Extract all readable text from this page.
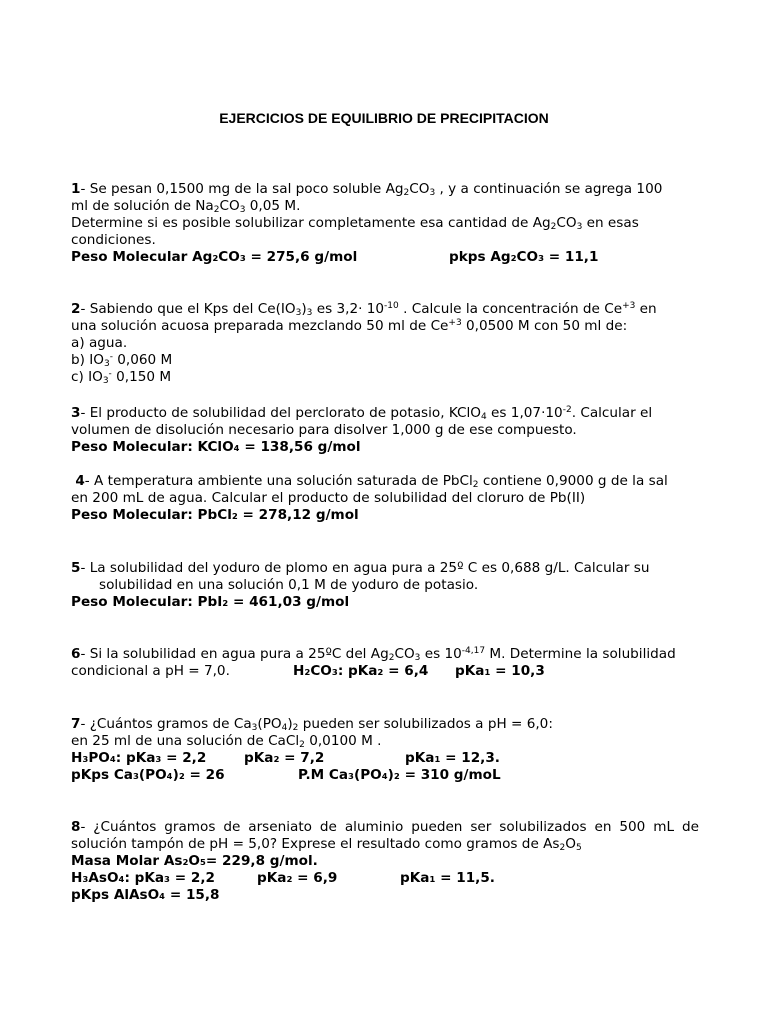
EJERCICIOS DE EQUILIBRIO DE PRECIPITACION
1- Se pesan 0,1500 mg de la sal poco soluble $Ag_2CO_3$ , y a continuación se agrega 100
ml de solución de $Na_2CO_3$ 0,05 M.
Determine si es posible solubilizar completamente esa cantidad de $Ag_2CO_3$ en esas
condiciones.
Peso Molecular Ag₂CO₃ = 275,6 g/mol	pkps Ag₂CO₃ = 11,1
2- Sabiendo que el Kps del $Ce(IO_3)_3$ es $3,2\cdot 10^{-10}$ . Calcule la concentración de $Ce^{+3}$ en
una solución acuosa preparada mezclando 50 ml de $Ce^{+3}$ 0,0500 M con 50 ml de:
a) agua.
b) $IO_3^-$ 0,060 M
c) $IO_3^-$ 0,150 M
3- El producto de solubilidad del perclorato de potasio, KClO$_4$ es $1,07\cdot 10^{-2}$. Calcular el
volumen de disolución necesario para disolver 1,000 g de ese compuesto.
Peso Molecular: KClO₄ = 138,56 g/mol
4- A temperatura ambiente una solución saturada de PbCl$_2$ contiene 0,9000 g de la sal
en 200 mL de agua. Calcular el producto de solubilidad del cloruro de Pb(II)
Peso Molecular: PbCl₂ = 278,12 g/mol
5- La solubilidad del yoduro de plomo en agua pura a 25º C es 0,688 g/L. Calcular su
solubilidad en una solución 0,1 M de yoduro de potasio.
Peso Molecular: PbI₂ = 461,03 g/mol
6- Si la solubilidad en agua pura a 25ºC del $Ag_2CO_3$ es $10^{-4,17}$ M. Determine la solubilidad
condicional a pH = 7,0.	H₂CO₃: pKa₂ = 6,4 pKa₁ = 10,3
7- ¿Cuántos gramos de $Ca_3(PO_4)_2$ pueden ser solubilizados a pH = 6,0:
en 25 ml de una solución de CaCl$_2$ 0,0100 M .
H₃PO₄: pKa₃ = 2,2	pKa₂ = 7,2	pKa₁ = 12,3.
pKps Ca₃(PO₄)₂ = 26	P.M Ca₃(PO₄)₂ = 310 g/moL
8- ¿Cuántos gramos de arseniato de aluminio pueden ser solubilizados en 500 mL de
solución tampón de pH = 5,0? Exprese el resultado como gramos de $As_2O_5$
Masa Molar As₂O₅= 229,8 g/mol.
H₃AsO₄: pKa₃ = 2,2	pKa₂ = 6,9	pKa₁ = 11,5.
pKps AlAsO₄ = 15,8
